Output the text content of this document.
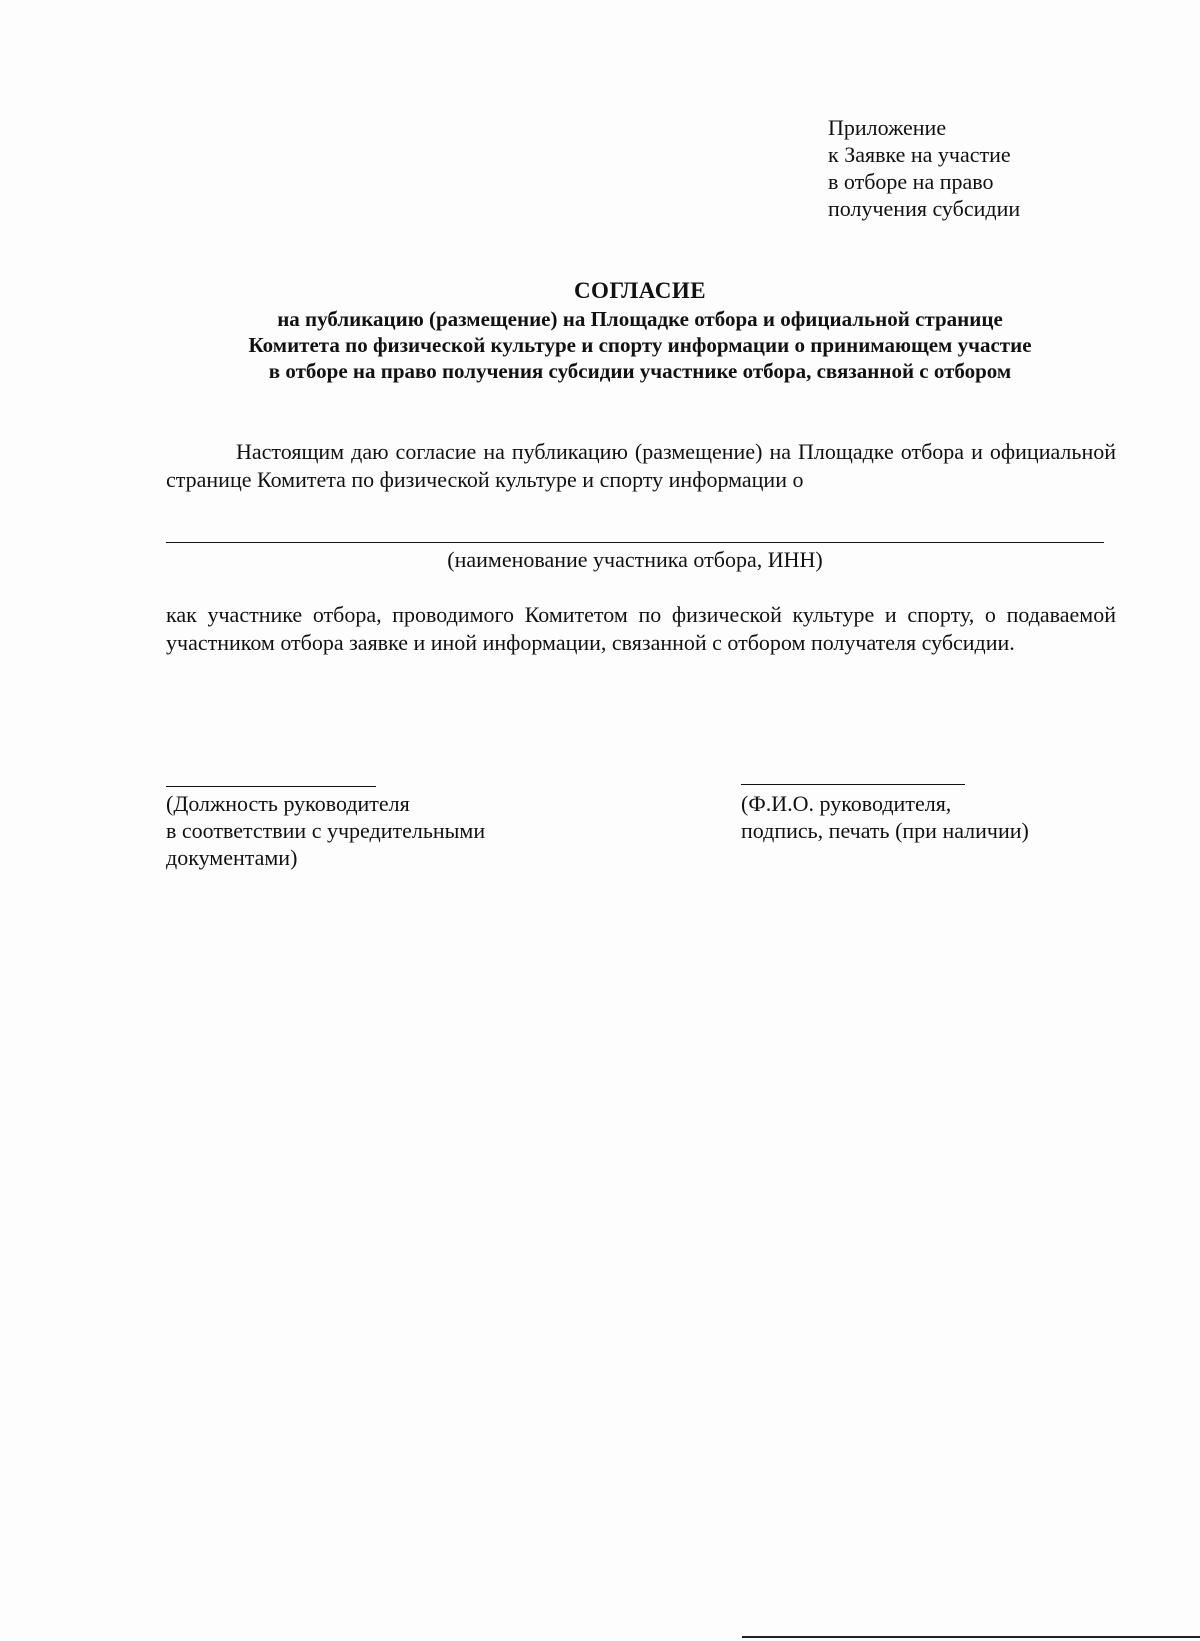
Приложение
к Заявке на участие
в отборе на право
получения субсидии
СОГЛАСИЕ
на публикацию (размещение) на Площадке отбора и официальной странице
Комитета по физической культуре и спорту информации о принимающем участие
в отборе на право получения субсидии участнике отбора, связанной с отбором
Настоящим даю согласие на публикацию (размещение) на Площадке отбора и официальной странице Комитета по физической культуре и спорту информации о
(наименование участника отбора, ИНН)
как участнике отбора, проводимого Комитетом по физической культуре и спорту, о подаваемой участником отбора заявке и иной информации, связанной с отбором получателя субсидии.
(Должность руководителя
в соответствии с учредительными
документами)
(Ф.И.О. руководителя,
подпись, печать (при наличии)
